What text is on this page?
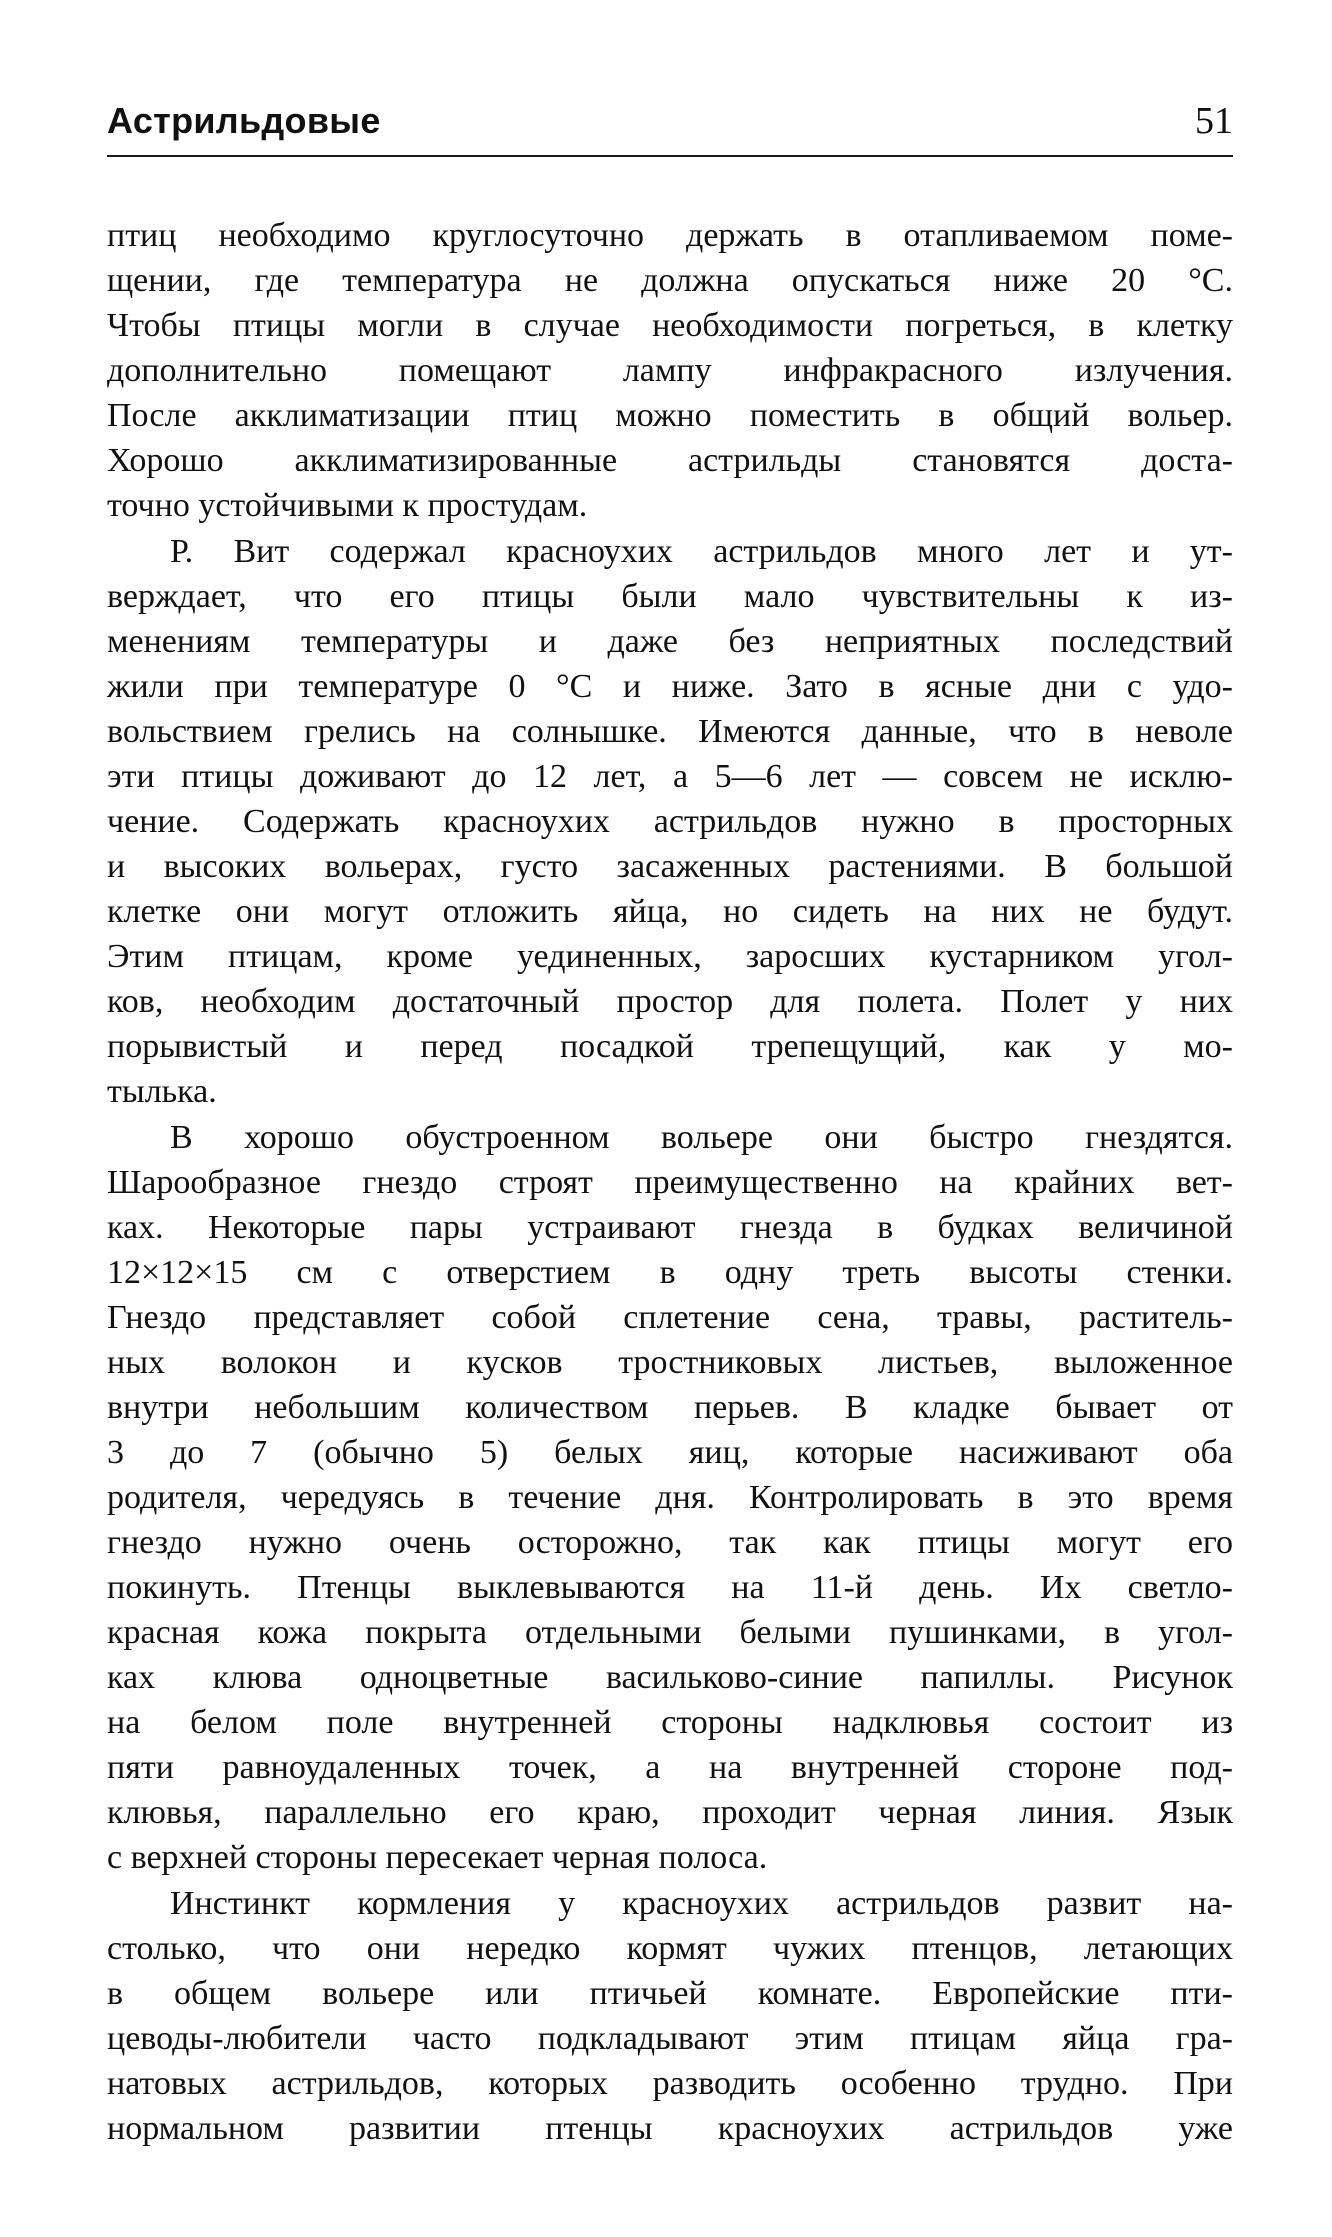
Астрильдовые	51

птиц необходимо круглосуточно держать в отапливаемом поме-
щении, где температура не должна опускаться ниже 20 °С.
Чтобы птицы могли в случае необходимости погреться, в клетку
дополнительно помещают лампу инфракрасного излучения.
После акклиматизации птиц можно поместить в общий вольер.
Хорошо акклиматизированные астрильды становятся доста-
точно устойчивыми к простудам.

Р. Вит содержал красноухих астрильдов много лет и ут-
верждает, что его птицы были мало чувствительны к из-
менениям температуры и даже без неприятных последствий
жили при температуре 0 °С и ниже. Зато в ясные дни с удо-
вольствием грелись на солнышке. Имеются данные, что в неволе
эти птицы доживают до 12 лет, а 5—6 лет — совсем не исклю-
чение. Содержать красноухих астрильдов нужно в просторных
и высоких вольерах, густо засаженных растениями. В большой
клетке они могут отложить яйца, но сидеть на них не будут.
Этим птицам, кроме уединенных, заросших кустарником угол-
ков, необходим достаточный простор для полета. Полет у них
порывистый и перед посадкой трепещущий, как у мо-
тылька.

В хорошо обустроенном вольере они быстро гнездятся.
Шарообразное гнездо строят преимущественно на крайних вет-
ках. Некоторые пары устраивают гнезда в будках величиной
12×12×15 см с отверстием в одну треть высоты стенки.
Гнездо представляет собой сплетение сена, травы, раститель-
ных волокон и кусков тростниковых листьев, выложенное
внутри небольшим количеством перьев. В кладке бывает от
3 до 7 (обычно 5) белых яиц, которые насиживают оба
родителя, чередуясь в течение дня. Контролировать в это время
гнездо нужно очень осторожно, так как птицы могут его
покинуть. Птенцы выклевываются на 11-й день. Их светло-
красная кожа покрыта отдельными белыми пушинками, в угол-
ках клюва одноцветные васильково-синие папиллы. Рисунок
на белом поле внутренней стороны надклювья состоит из
пяти равноудаленных точек, а на внутренней стороне под-
клювья, параллельно его краю, проходит черная линия. Язык
с верхней стороны пересекает черная полоса.

Инстинкт кормления у красноухих астрильдов развит на-
столько, что они нередко кормят чужих птенцов, летающих
в общем вольере или птичьей комнате. Европейские пти-
цеводы-любители часто подкладывают этим птицам яйца гра-
натовых астрильдов, которых разводить особенно трудно. При
нормальном развитии птенцы красноухих астрильдов уже
